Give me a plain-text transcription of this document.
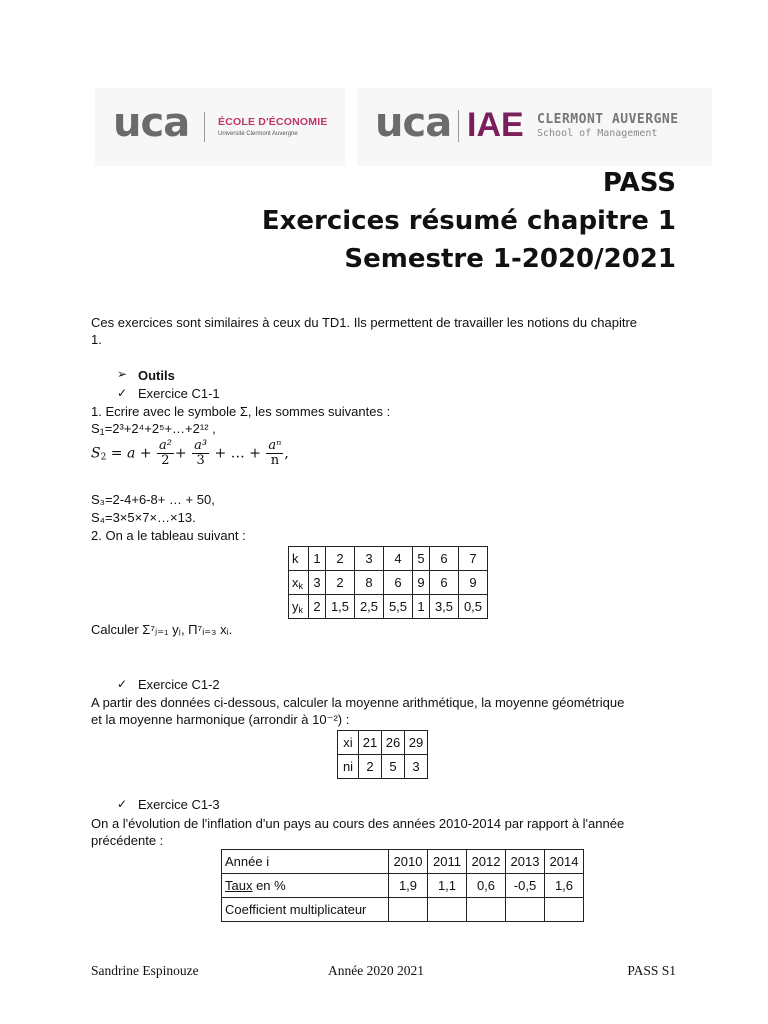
uca	ÉCOLE D'ÉCONOMIE
Université Clermont Auvergne uca IAE CLERMONT AUVERGNE
School of Management
PASS
Exercices résumé chapitre 1
Semestre 1-2020/2021
Ces exercices sont similaires à ceux du TD1. Ils permettent de travailler les notions du chapitre
1.
➢ Outils
✓ Exercice C1-1
1. Ecrire avec le symbole Σ, les sommes suivantes :
$S_1=2^3+2^4+2^5+\dots+2^{12}$ ,
$S_2 = a + \frac{\text{a²}}{2} + \frac{\text{a³}}{3}$ + … + $\frac{\text{aⁿ}}{n}$ ,
S₃=2-4+6-8+ … + 50,
S₄=3×5×7×…×13.
2. On a le tableau suivant :
k	1	2	3	4	5	6	7
$x_k$	3	2	8	6	9	6	9
$y_k$	2	1,5	2,5	5,5	1	3,5	0,5
Calculer Σ⁷ⱼ₌₁ yⱼ, Π⁷ᵢ₌₃ xᵢ.
✓ Exercice C1-2
A partir des données ci-dessous, calculer la moyenne arithmétique, la moyenne géométrique
et la moyenne harmonique (arrondir à 10⁻²) :
xi	21	26	29
ni	2	5	3
✓ Exercice C1-3
On a l'évolution de l'inflation d'un pays au cours des années 2010-2014 par rapport à l'année
précédente :
Année i	2010	2011	2012	2013	2014
Taux en %	1,9	1,1	0,6	-0,5	1,6
Coefficient multiplicateur					
Sandrine Espinouze	Année 2020 2021	PASS S1
